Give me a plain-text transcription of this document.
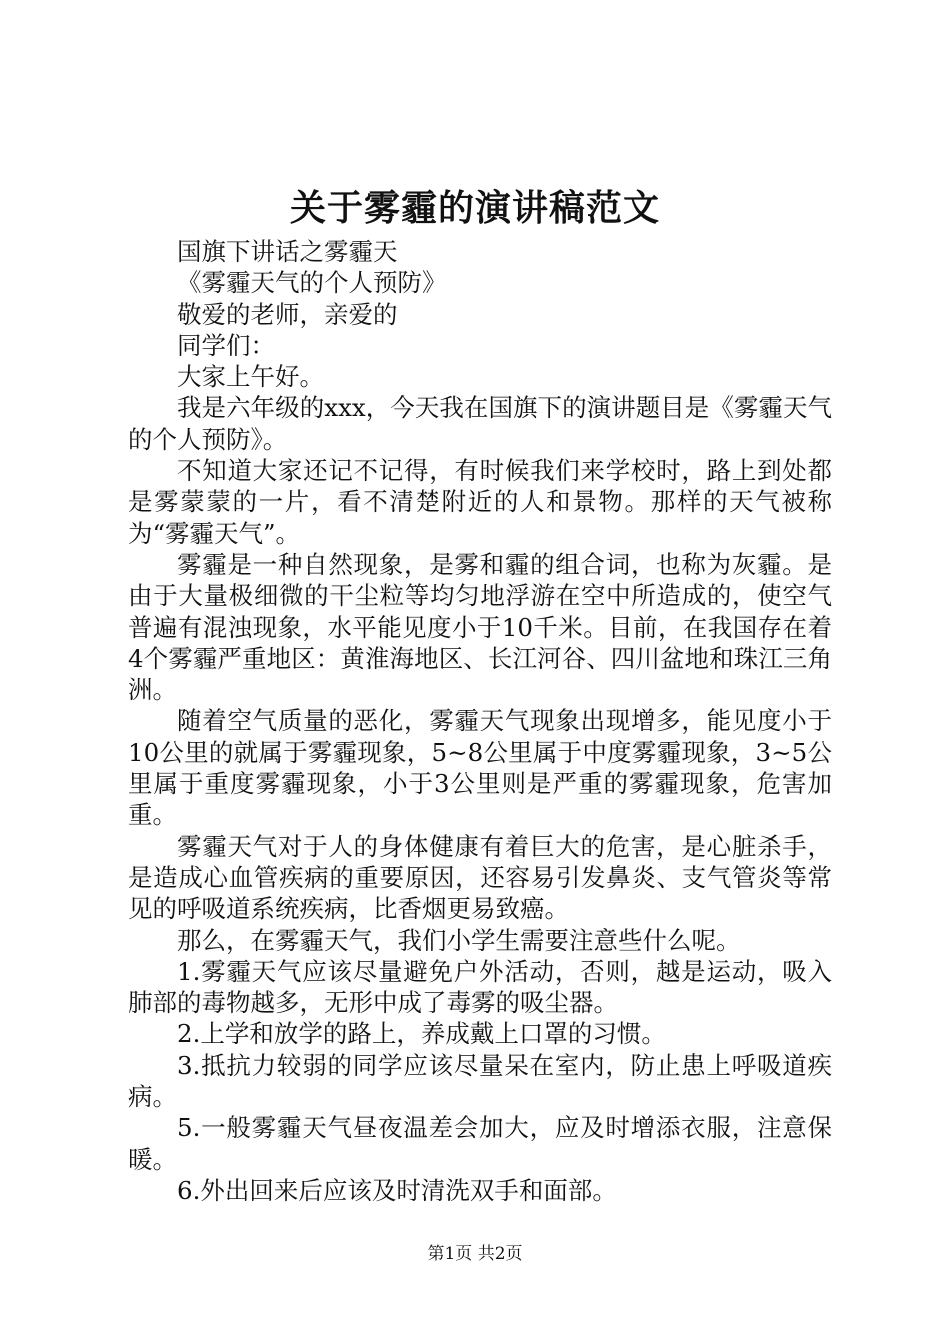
关于雾霾的演讲稿范文

国旗下讲话之雾霾天

《雾霾天气的个人预防》

敬爱的老师，亲爱的

同学们：

大家上午好。

我是六年级的xxx，今天我在国旗下的演讲题目是《雾霾天气的个人预防》。

不知道大家还记不记得，有时候我们来学校时，路上到处都是雾蒙蒙的一片，看不清楚附近的人和景物。那样的天气被称为“雾霾天气”。

雾霾是一种自然现象，是雾和霾的组合词，也称为灰霾。是由于大量极细微的干尘粒等均匀地浮游在空中所造成的，使空气普遍有混浊现象，水平能见度小于10千米。目前，在我国存在着4个雾霾严重地区：黄淮海地区、长江河谷、四川盆地和珠江三角洲。

随着空气质量的恶化，雾霾天气现象出现增多，能见度小于10公里的就属于雾霾现象，5~8公里属于中度雾霾现象，3~5公里属于重度雾霾现象，小于3公里则是严重的雾霾现象，危害加重。

雾霾天气对于人的身体健康有着巨大的危害，是心脏杀手，是造成心血管疾病的重要原因，还容易引发鼻炎、支气管炎等常见的呼吸道系统疾病，比香烟更易致癌。

那么，在雾霾天气，我们小学生需要注意些什么呢。

1.雾霾天气应该尽量避免户外活动，否则，越是运动，吸入肺部的毒物越多，无形中成了毒雾的吸尘器。

2.上学和放学的路上，养成戴上口罩的习惯。

3.抵抗力较弱的同学应该尽量呆在室内，防止患上呼吸道疾病。

5.一般雾霾天气昼夜温差会加大，应及时增添衣服，注意保暖。

6.外出回来后应该及时清洗双手和面部。

第1页 共2页
